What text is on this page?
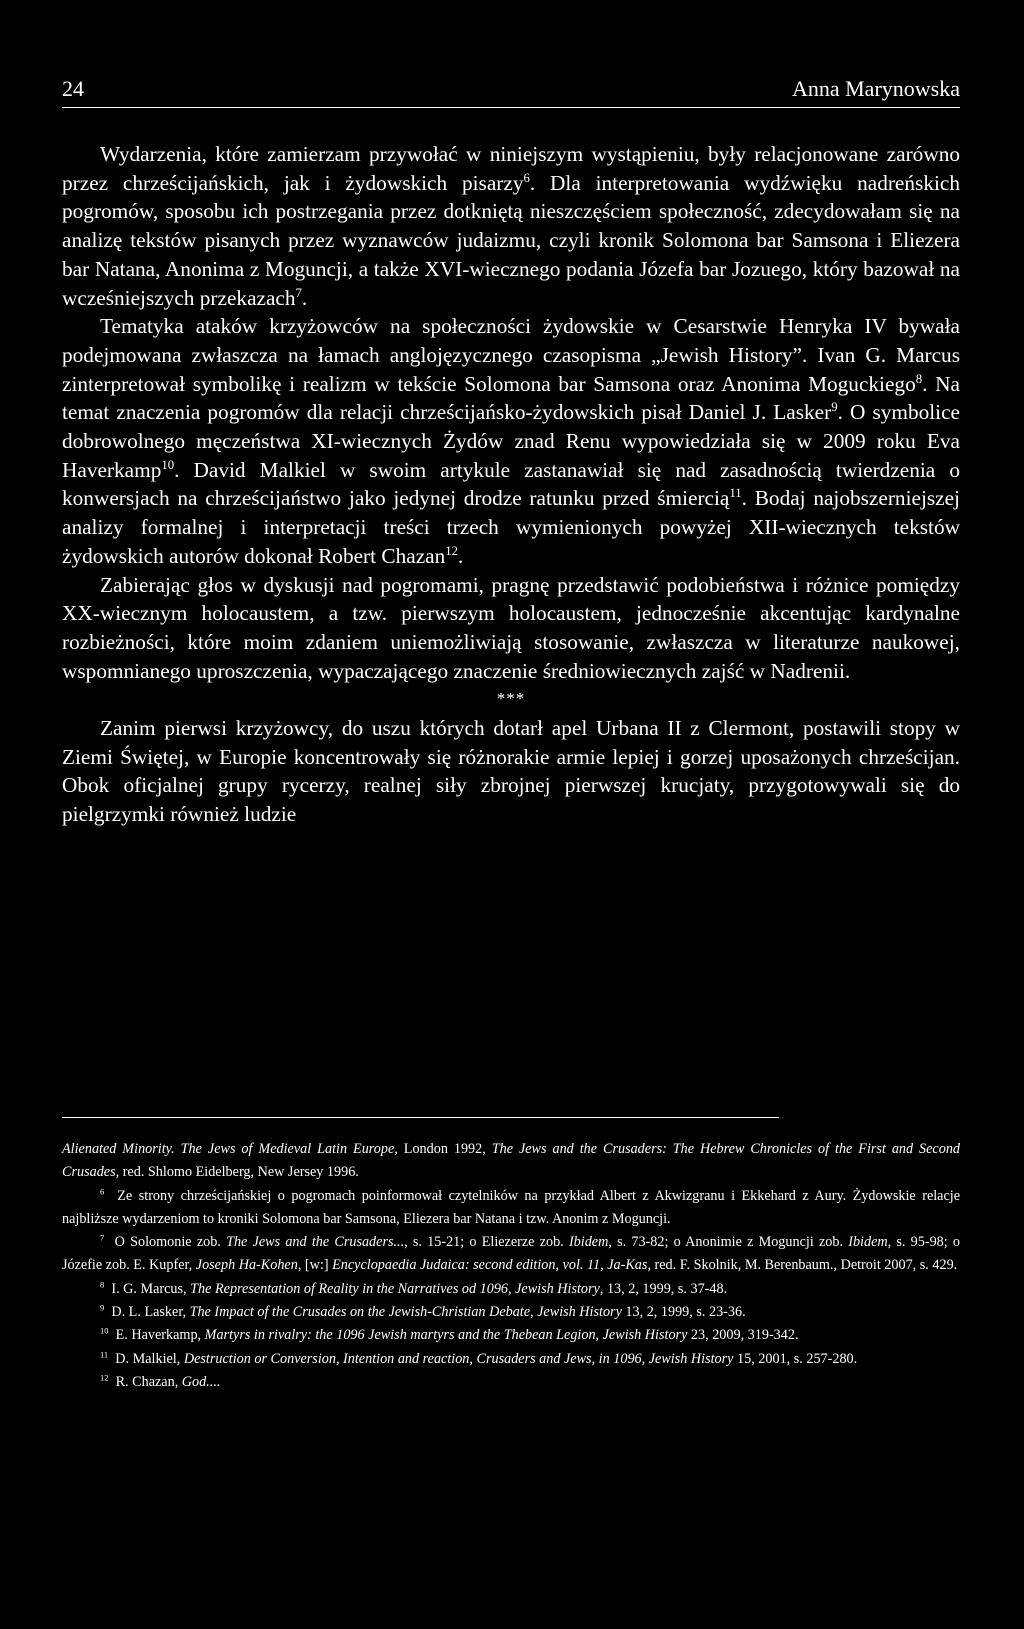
24	Anna Marynowska

Wydarzenia, które zamierzam przywołać w niniejszym wystąpieniu, były relacjonowane zarówno przez chrześcijańskich, jak i żydowskich pisarzy$^6$. Dla interpretowania wydźwięku nadreńskich pogromów, sposobu ich postrzegania przez dotkniętą nieszczęściem społeczność, zdecydowałam się na analizę tekstów pisanych przez wyznawców judaizmu, czyli kronik Solomona bar Samsona i Eliezera bar Natana, Anonima z Moguncji, a także XVI-wiecznego podania Józefa bar Jozuego, który bazował na wcześniejszych przekazach$^7$.

Tematyka ataków krzyżowców na społeczności żydowskie w Cesarstwie Henryka IV bywała podejmowana zwłaszcza na łamach anglojęzycznego czasopisma „Jewish History”. Ivan G. Marcus zinterpretował symbolikę i realizm w tekście Solomona bar Samsona oraz Anonima Moguckiego$^8$. Na temat znaczenia pogromów dla relacji chrześcijańsko-żydowskich pisał Daniel J. Lasker$^9$. O symbolice dobrowolnego męczeństwa XI-wiecznych Żydów znad Renu wypowiedziała się w 2009 roku Eva Haverkamp$^{10}$. David Malkiel w swoim artykule zastanawiał się nad zasadnością twierdzenia o konwersjach na chrześcijaństwo jako jedynej drodze ratunku przed śmiercią$^{11}$. Bodaj najobszerniejszej analizy formalnej i interpretacji treści trzech wymienionych powyżej XII-wiecznych tekstów żydowskich autorów dokonał Robert Chazan$^{12}$.

Zabierając głos w dyskusji nad pogromami, pragnę przedstawić podobieństwa i różnice pomiędzy XX-wiecznym holocaustem, a tzw. pierwszym holocaustem, jednocześnie akcentując kardynalne rozbieżności, które moim zdaniem uniemożliwiają stosowanie, zwłaszcza w literaturze naukowej, wspomnianego uproszczenia, wypaczającego znaczenie średniowiecznych zajść w Nadrenii.

***

Zanim pierwsi krzyżowcy, do uszu których dotarł apel Urbana II z Clermont, postawili stopy w Ziemi Świętej, w Europie koncentrowały się różnorakie armie lepiej i gorzej uposażonych chrześcijan. Obok oficjalnej grupy rycerzy, realnej siły zbrojnej pierwszej krucjaty, przygotowywali się do pielgrzymki również ludzie

Alienated Minority. The Jews of Medieval Latin Europe, London 1992, The Jews and the Crusaders: The Hebrew Chronicles of the First and Second Crusades, red. Shlomo Eidelberg, New Jersey 1996.

$^6$ Ze strony chrześcijańskiej o pogromach poinformował czytelników na przykład Albert z Akwizgranu i Ekkehard z Aury. Żydowskie relacje najbliższe wydarzeniom to kroniki Solomona bar Samsona, Eliezera bar Natana i tzw. Anonim z Moguncji.

$^7$ O Solomonie zob. The Jews and the Crusaders..., s. 15-21; o Eliezerze zob. Ibidem, s. 73-82; o Anonimie z Moguncji zob. Ibidem, s. 95-98; o Józefie zob. E. Kupfer, Joseph Ha-Kohen, [w:] Encyclopaedia Judaica: second edition, vol. 11, Ja-Kas, red. F. Skolnik, M. Berenbaum., Detroit 2007, s. 429.

$^8$ I. G. Marcus, The Representation of Reality in the Narratives od 1096, Jewish History, 13, 2, 1999, s. 37-48.

$^9$ D. L. Lasker, The Impact of the Crusades on the Jewish-Christian Debate, Jewish History 13, 2, 1999, s. 23-36.

$^{10}$ E. Haverkamp, Martyrs in rivalry: the 1096 Jewish martyrs and the Thebean Legion, Jewish History 23, 2009, 319-342.

$^{11}$ D. Malkiel, Destruction or Conversion, Intention and reaction, Crusaders and Jews, in 1096, Jewish History 15, 2001, s. 257-280.

$^{12}$ R. Chazan, God....
